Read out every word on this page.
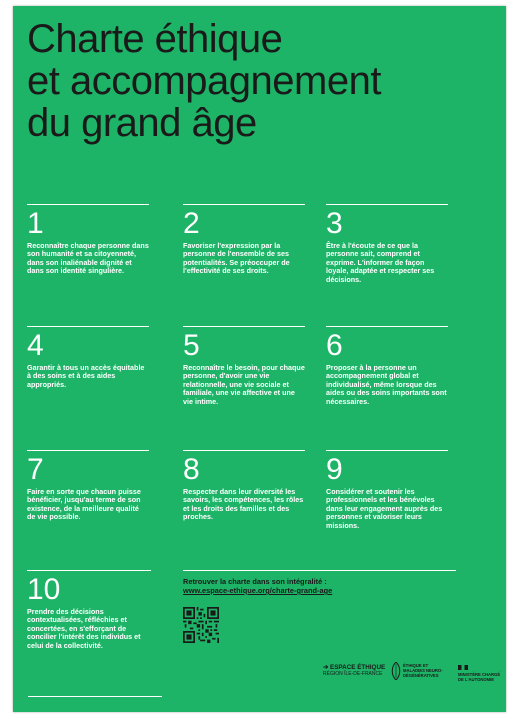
Charte éthique
et accompagnement
du grand âge
1
Reconnaître chaque personne dans son humanité et sa citoyenneté, dans son inaliénable dignité et dans son identité singulière.
2
Favoriser l'expression par la personne de l'ensemble de ses potentialités. Se préoccuper de l'effectivité de ses droits.
3
Être à l'écoute de ce que la personne sait, comprend et exprime. L'informer de façon loyale, adaptée et respecter ses décisions.
4
Garantir à tous un accès équitable à des soins et à des aides appropriés.
5
Reconnaître le besoin, pour chaque personne, d'avoir une vie relationnelle, une vie sociale et familiale, une vie affective et une vie intime.
6
Proposer à la personne un accompagnement global et individualisé, même lorsque des aides ou des soins importants sont nécessaires.
7
Faire en sorte que chacun puisse bénéficier, jusqu'au terme de son existence, de la meilleure qualité de vie possible.
8
Respecter dans leur diversité les savoirs, les compétences, les rôles et les droits des familles et des proches.
9
Considérer et soutenir les professionnels et les bénévoles dans leur engagement auprès des personnes et valoriser leurs missions.
10
Prendre des décisions contextualisées, réfléchies et concertées, en s'efforçant de concilier l'intérêt des individus et celui de la collectivité.
Retrouver la charte dans son intégralité :
www.espace-ethique.org/charte-grand-age
➔ ESPACE ÉTHIQUE
RÉGION ÎLE-DE-FRANCE
ÉTHIQUE ET MALADIES NEURO-DÉGÉNÉRATIVES	MINISTÈRE CHARGÉ DE L'AUTONOMIE
